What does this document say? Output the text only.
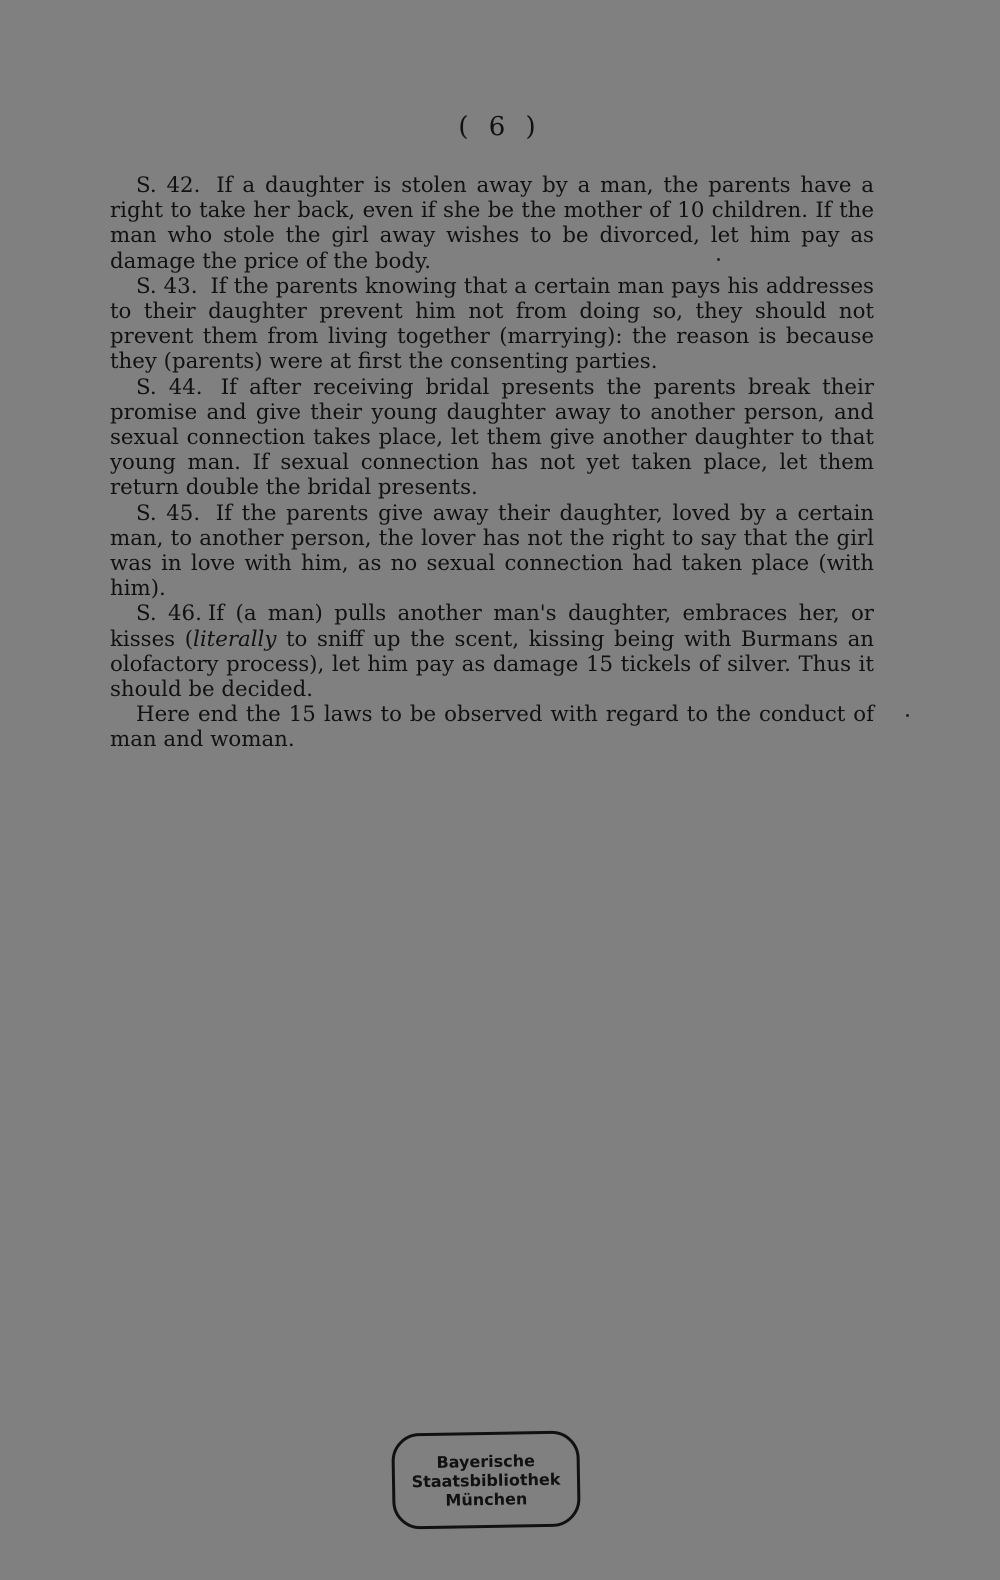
( 6 )

S. 42. If a daughter is stolen away by a man, the parents have a right to take her back, even if she be the mother of 10 children. If the man who stole the girl away wishes to be divorced, let him pay as damage the price of the body.

S. 43. If the parents knowing that a certain man pays his addresses to their daughter prevent him not from doing so, they should not prevent them from living together (marrying): the reason is because they (parents) were at first the consenting parties.

S. 44. If after receiving bridal presents the parents break their promise and give their young daughter away to another person, and sexual connection takes place, let them give another daughter to that young man. If sexual connection has not yet taken place, let them return double the bridal presents.

S. 45. If the parents give away their daughter, loved by a certain man, to another person, the lover has not the right to say that the girl was in love with him, as no sexual connection had taken place (with him).

S. 46. If (a man) pulls another man's daughter, embraces her, or kisses (literally to sniff up the scent, kissing being with Burmans an olofactory process), let him pay as damage 15 tickels of silver. Thus it should be decided.

Here end the 15 laws to be observed with regard to the conduct of man and woman.

Bayerische
Staatsbibliothek
München
